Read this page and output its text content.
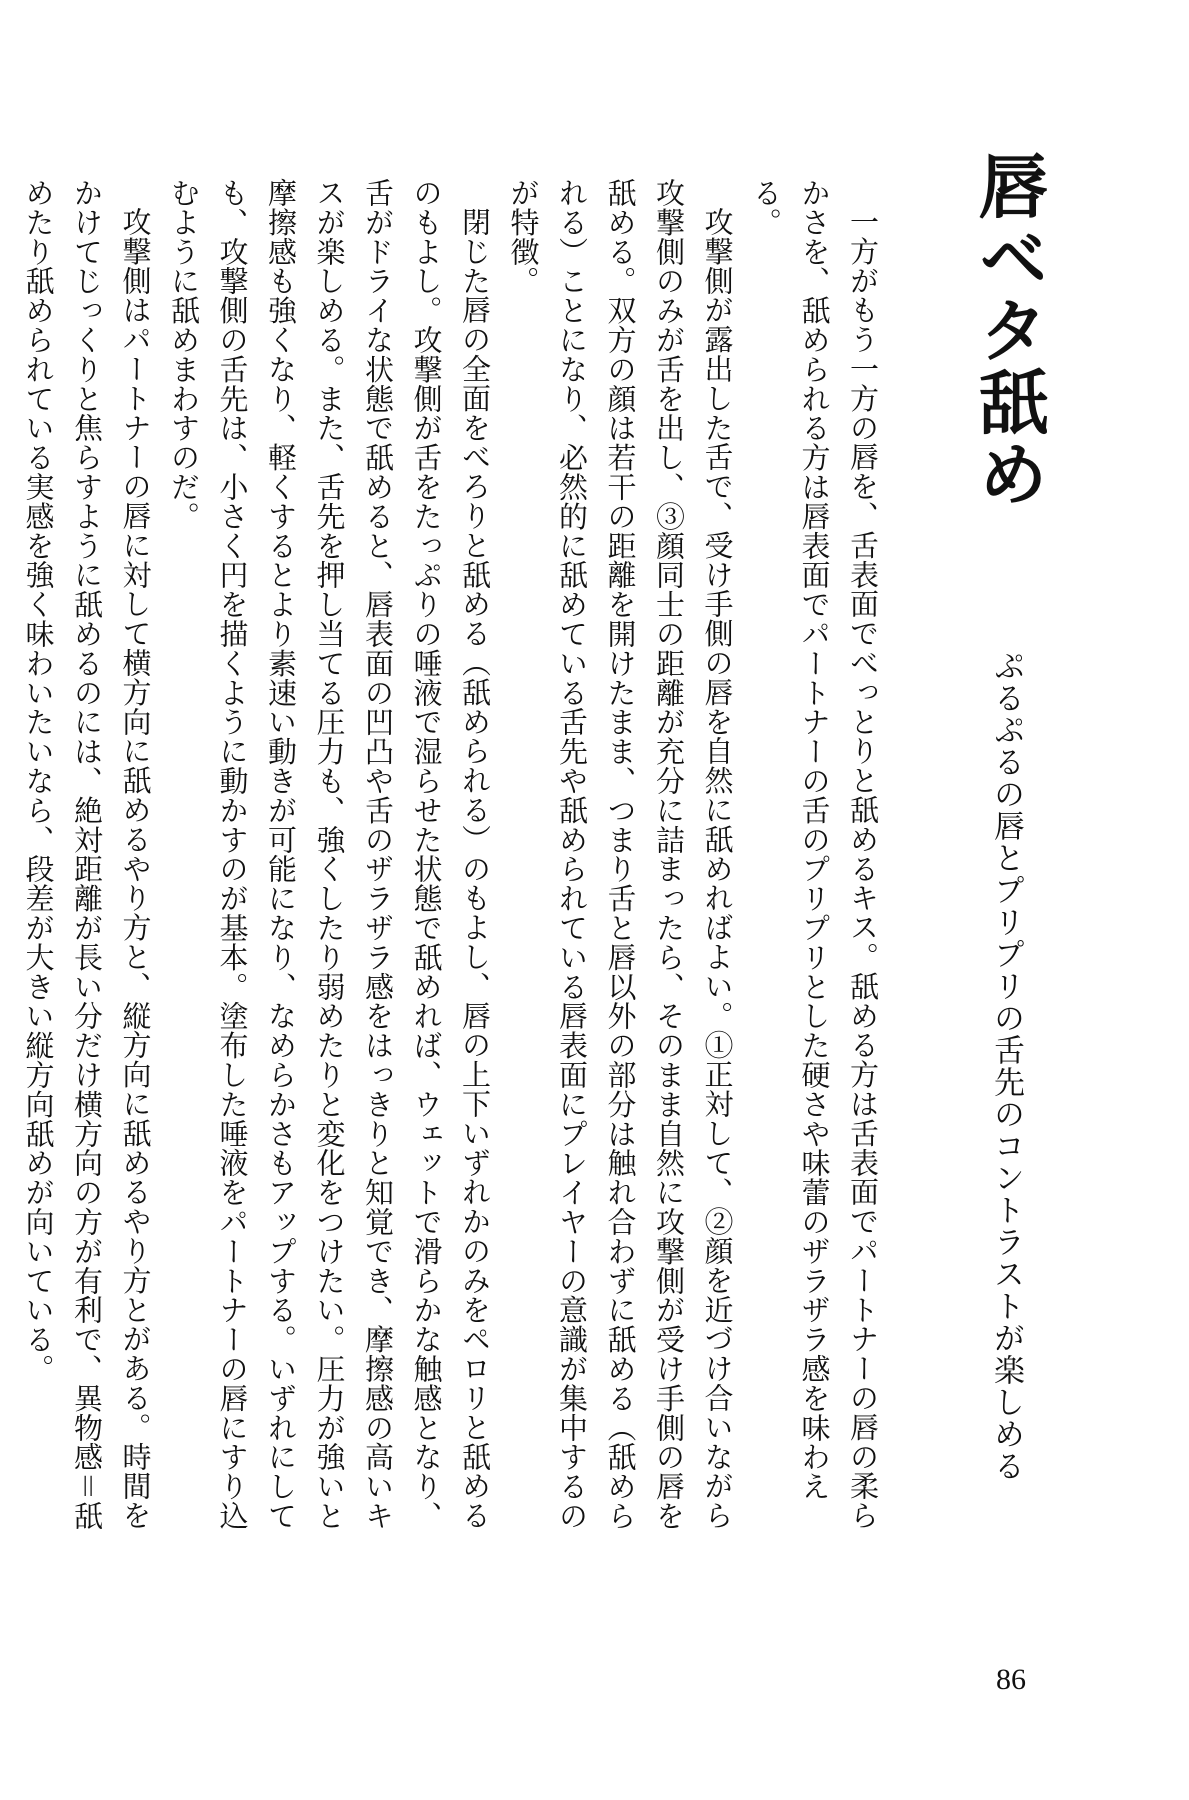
唇ベタ舐め
ぷるぷるの唇とプリプリの舌先のコントラストが楽しめる

一方がもう一方の唇を、舌表面でべっとりと舐めるキス。舐める方は舌表面でパートナーの唇の柔らかさを、舐められる方は唇表面でパートナーの舌のプリプリとした硬さや味蕾のザラザラ感を味わえる。

攻撃側が露出した舌で、受け手側の唇を自然に舐めればよい。①正対して、②顔を近づけ合いながら攻撃側のみが舌を出し、③顔同士の距離が充分に詰まったら、そのまま自然に攻撃側が受け手側の唇を舐める。双方の顔は若干の距離を開けたまま、つまり舌と唇以外の部分は触れ合わずに舐める（舐められる）ことになり、必然的に舐めている舌先や舐められている唇表面にプレイヤーの意識が集中するのが特徴。

閉じた唇の全面をべろりと舐める（舐められる）のもよし、唇の上下いずれかのみをペロリと舐めるのもよし。攻撃側が舌をたっぷりの唾液で湿らせた状態で舐めれば、ウェットで滑らかな触感となり、舌がドライな状態で舐めると、唇表面の凹凸や舌のザラザラ感をはっきりと知覚でき、摩擦感の高いキスが楽しめる。また、舌先を押し当てる圧力も、強くしたり弱めたりと変化をつけたい。圧力が強いと摩擦感も強くなり、軽くするとより素速い動きが可能になり、なめらかさもアップする。いずれにしても、攻撃側の舌先は、小さく円を描くように動かすのが基本。塗布した唾液をパートナーの唇にすり込むように舐めまわすのだ。

攻撃側はパートナーの唇に対して横方向に舐めるやり方と、縦方向に舐めるやり方とがある。時間をかけてじっくりと焦らすように舐めるのには、絶対距離が長い分だけ横方向の方が有利で、異物感＝舐めたり舐められている実感を強く味わいたいなら、段差が大きい縦方向舐めが向いている。

86
